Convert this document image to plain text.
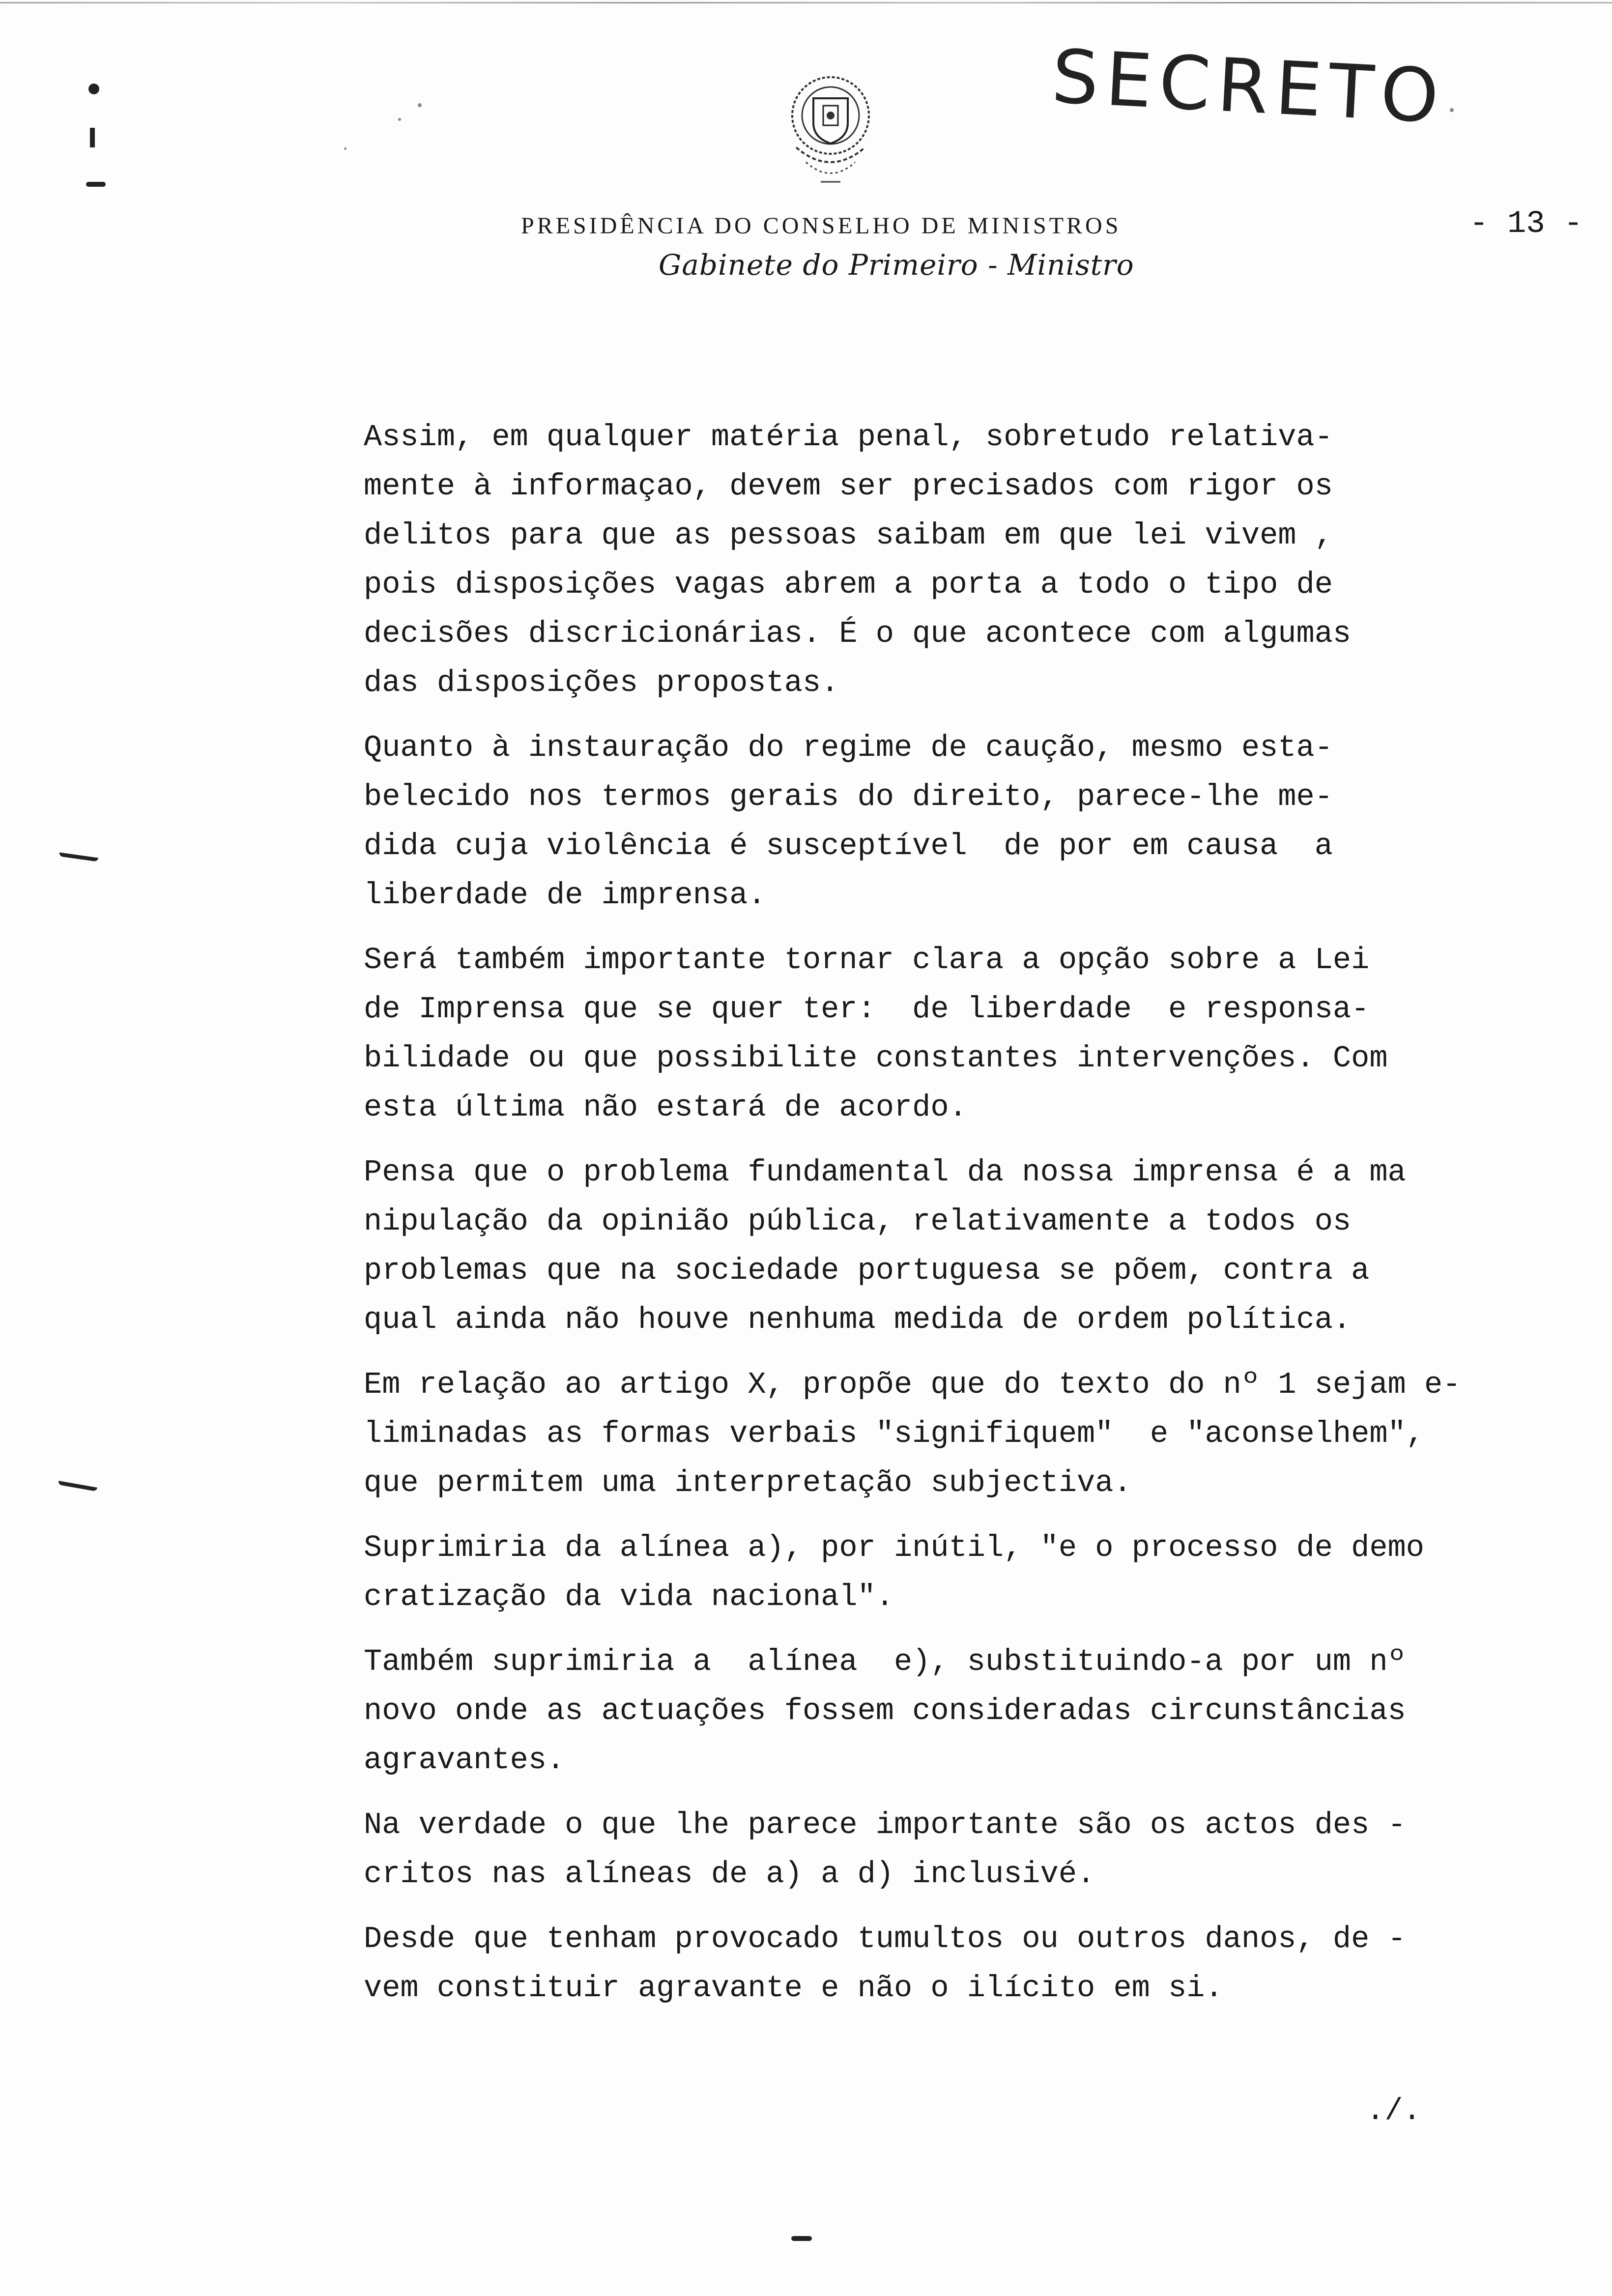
SECRETO
PRESIDÊNCIA DO CONSELHO DE MINISTROS	- 13 -
Gabinete do Primeiro - Ministro
Assim, em qualquer matéria penal, sobretudo relativa-
mente à informaçao, devem ser precisados com rigor os
delitos para que as pessoas saibam em que lei vivem ,
pois disposições vagas abrem a porta a todo o tipo de
decisões discricionárias. É o que acontece com algumas
das disposições propostas.
Quanto à instauração do regime de caução, mesmo esta-
belecido nos termos gerais do direito, parece-lhe me-
dida cuja violência é susceptível  de por em causa  a
liberdade de imprensa.
Será também importante tornar clara a opção sobre a Lei
de Imprensa que se quer ter:  de liberdade  e responsa-
bilidade ou que possibilite constantes intervenções. Com
esta última não estará de acordo.
Pensa que o problema fundamental da nossa imprensa é a ma
nipulação da opinião pública, relativamente a todos os
problemas que na sociedade portuguesa se põem, contra a
qual ainda não houve nenhuma medida de ordem política.
Em relação ao artigo X, propõe que do texto do nº 1 sejam e-
liminadas as formas verbais "signifiquem"  e "aconselhem",
que permitem uma interpretação subjectiva.
Suprimiria da alínea a), por inútil, "e o processo de demo
cratização da vida nacional".
Também suprimiria a  alínea  e), substituindo-a por um nº
novo onde as actuações fossem consideradas circunstâncias
agravantes.
Na verdade o que lhe parece importante são os actos des -
critos nas alíneas de a) a d) inclusivé.
Desde que tenham provocado tumultos ou outros danos, de -
vem constituir agravante e não o ilícito em si.
./.
